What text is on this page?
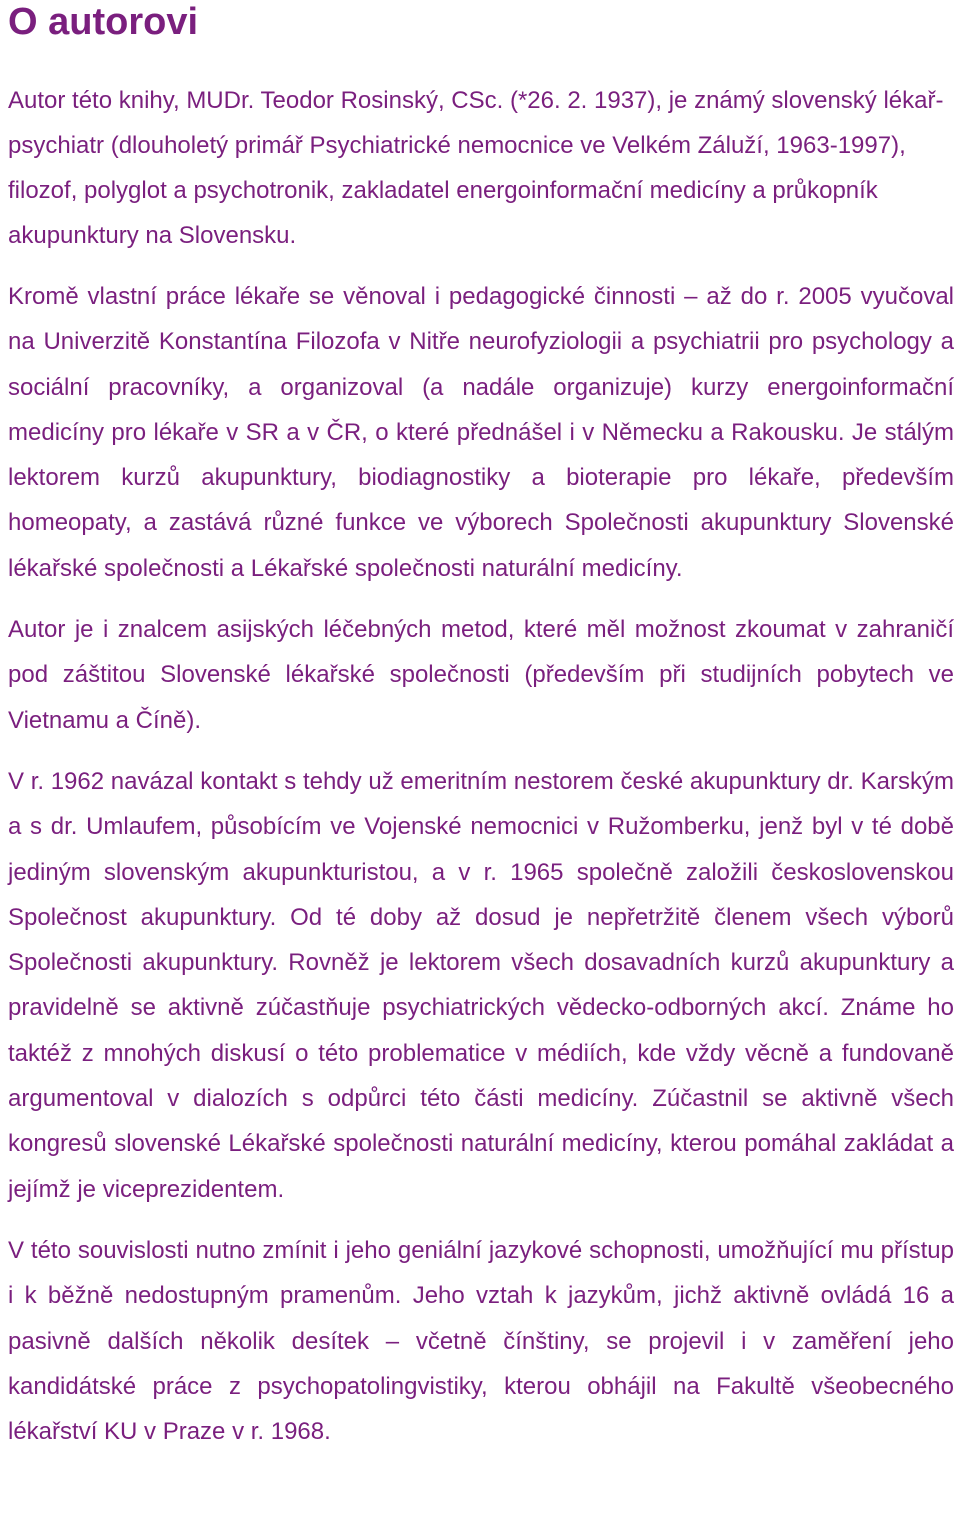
O autorovi

Autor této knihy, MUDr. Teodor Rosinský, CSc. (*26. 2. 1937), je známý slovenský lékař-psychiatr (dlouholetý primář Psychiatrické nemocnice ve Velkém Záluží, 1963-1997), filozof, polyglot a psychotronik, zakladatel energoinformační medicíny a průkopník akupunktury na Slovensku.

Kromě vlastní práce lékaře se věnoval i pedagogické činnosti – až do r. 2005 vyučoval na Univerzitě Konstantína Filozofa v Nitře neurofyziologii a psychiatrii pro psychology a sociální pracovníky, a organizoval (a nadále organizuje) kurzy energoinformační medicíny pro lékaře v SR a v ČR, o které přednášel i v Německu a Rakousku. Je stálým lektorem kurzů akupunktury, biodiagnostiky a bioterapie pro lékaře, především homeopaty, a zastává různé funkce ve výborech Společnosti akupunktury Slovenské lékařské společnosti a Lékařské společnosti naturální medicíny.

Autor je i znalcem asijských léčebných metod, které měl možnost zkoumat v zahraničí pod záštitou Slovenské lékařské společnosti (především při studijních pobytech ve Vietnamu a Číně).

V r. 1962 navázal kontakt s tehdy už emeritním nestorem české akupunktury dr. Karským a s dr. Umlaufem, působícím ve Vojenské nemocnici v Ružomberku, jenž byl v té době jediným slovenským akupunkturistou, a v r. 1965 společně založili československou Společnost akupunktury. Od té doby až dosud je nepřetržitě členem všech výborů Společnosti akupunktury. Rovněž je lektorem všech dosavadních kurzů akupunktury a pravidelně se aktivně zúčastňuje psychiatrických vědecko-odborných akcí. Známe ho taktéž z mnohých diskusí o této problematice v médiích, kde vždy věcně a fundovaně argumentoval v dialozích s odpůrci této části medicíny. Zúčastnil se aktivně všech kongresů slovenské Lékařské společnosti naturální medicíny, kterou pomáhal zakládat a jejímž je viceprezidentem.

V této souvislosti nutno zmínit i jeho geniální jazykové schopnosti, umožňující mu přístup i k běžně nedostupným pramenům. Jeho vztah k jazykům, jichž aktivně ovládá 16 a pasivně dalších několik desítek – včetně čínštiny, se projevil i v zaměření jeho kandidátské práce z psychopatolingvistiky, kterou obhájil na Fakultě všeobecného lékařství KU v Praze v r. 1968.
